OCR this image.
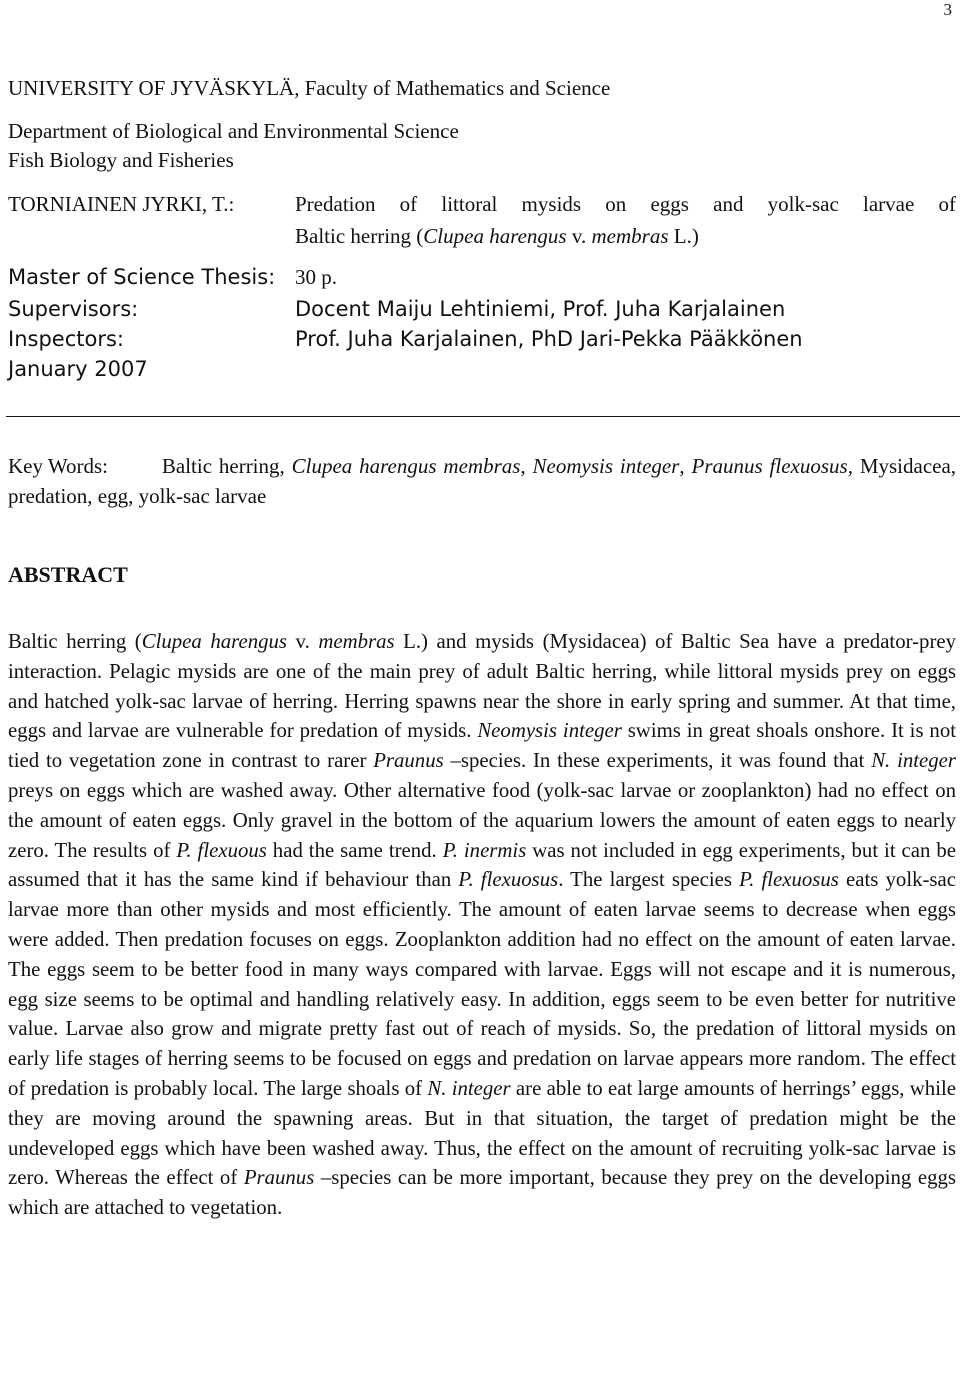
3
UNIVERSITY OF JYVÄSKYLÄ, Faculty of Mathematics and Science
Department of Biological and Environmental Science
Fish Biology and Fisheries
TORNIAINEN JYRKI, T.:	Predation of littoral mysids on eggs and yolk-sac larvae of
Baltic herring (Clupea harengus v. membras L.)
Master of Science Thesis: 30 p.
Supervisors:	Docent Maiju Lehtiniemi, Prof. Juha Karjalainen
Inspectors:	Prof. Juha Karjalainen, PhD Jari-Pekka Pääkkönen
January 2007
Key Words: Baltic herring, Clupea harengus membras, Neomysis integer, Praunus flexuosus, Mysidacea, predation, egg, yolk-sac larvae
ABSTRACT
Baltic herring (Clupea harengus v. membras L.) and mysids (Mysidacea) of Baltic Sea have a predator-prey interaction. Pelagic mysids are one of the main prey of adult Baltic herring, while littoral mysids prey on eggs and hatched yolk-sac larvae of herring. Herring spawns near the shore in early spring and summer. At that time, eggs and larvae are vulnerable for predation of mysids. Neomysis integer swims in great shoals onshore. It is not tied to vegetation zone in contrast to rarer Praunus –species. In these experiments, it was found that N. integer preys on eggs which are washed away. Other alternative food (yolk-sac larvae or zooplankton) had no effect on the amount of eaten eggs. Only gravel in the bottom of the aquarium lowers the amount of eaten eggs to nearly zero. The results of P. flexuous had the same trend. P. inermis was not included in egg experiments, but it can be assumed that it has the same kind if behaviour than P. flexuosus. The largest species P. flexuosus eats yolk-sac larvae more than other mysids and most efficiently. The amount of eaten larvae seems to decrease when eggs were added. Then predation focuses on eggs. Zooplankton addition had no effect on the amount of eaten larvae. The eggs seem to be better food in many ways compared with larvae. Eggs will not escape and it is numerous, egg size seems to be optimal and handling relatively easy. In addition, eggs seem to be even better for nutritive value. Larvae also grow and migrate pretty fast out of reach of mysids. So, the predation of littoral mysids on early life stages of herring seems to be focused on eggs and predation on larvae appears more random. The effect of predation is probably local. The large shoals of N. integer are able to eat large amounts of herrings’ eggs, while they are moving around the spawning areas. But in that situation, the target of predation might be the undeveloped eggs which have been washed away. Thus, the effect on the amount of recruiting yolk-sac larvae is zero. Whereas the effect of Praunus –species can be more important, because they prey on the developing eggs which are attached to vegetation.
